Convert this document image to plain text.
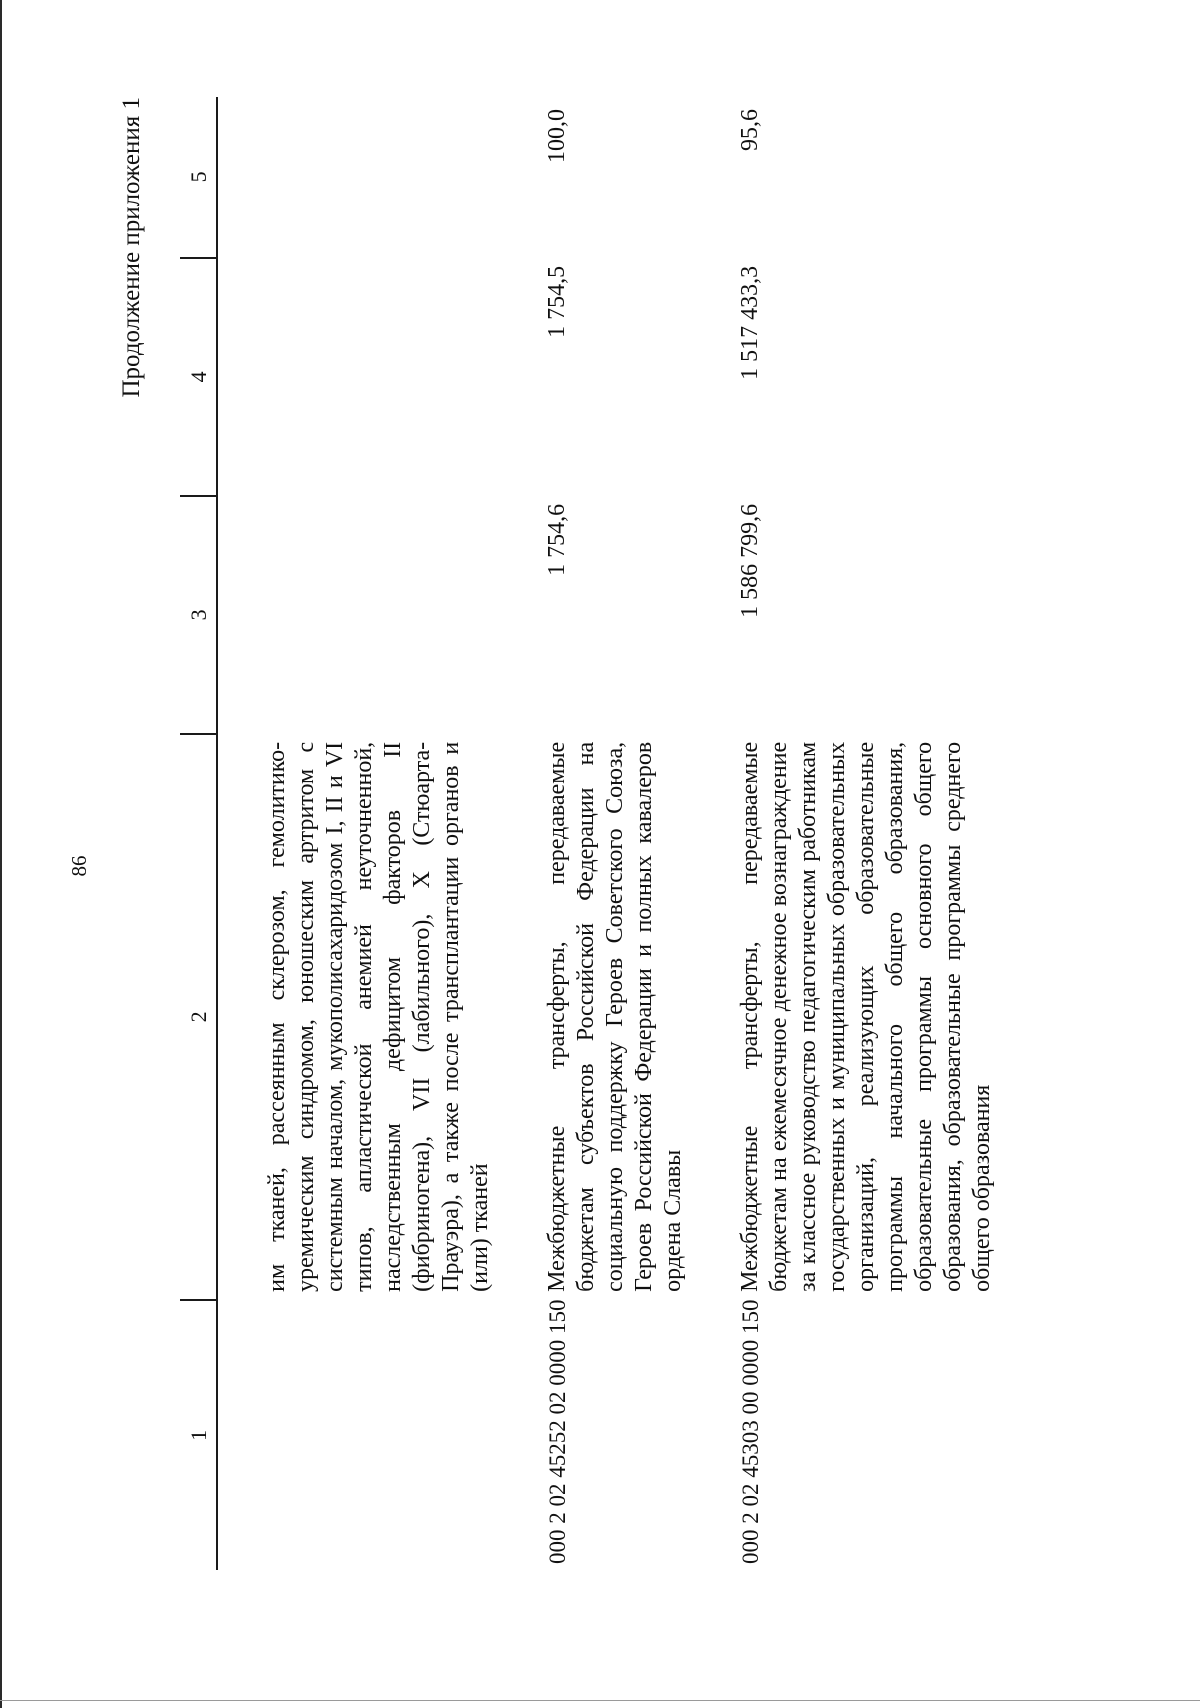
86
Продолжение приложения 1
1	2	3	4	5
	им тканей, рассеянным склерозом, гемолитико-уремическим синдромом, юношеским артритом с системным началом, мукополисахаридозом I, II и VI типов, апластической анемией неуточненной, наследственным дефицитом факторов II (фибриногена), VII (лабильного), X (Стюарта-Прауэра), а также после трансплантации органов и (или) тканей			
000 2 02 45252 02 0000 150	Межбюджетные трансферты, передаваемые бюджетам субъектов Российской Федерации на социальную поддержку Героев Советского Союза, Героев Российской Федерации и полных кавалеров ордена Славы	1 754,6	1 754,5	100,0
000 2 02 45303 00 0000 150	Межбюджетные трансферты, передаваемые бюджетам на ежемесячное денежное вознаграждение за классное руководство педагогическим работникам государственных и муниципальных образовательных организаций, реализующих образовательные программы начального общего образования, образовательные программы основного общего образования, образовательные программы среднего общего образования	1 586 799,6	1 517 433,3	95,6
